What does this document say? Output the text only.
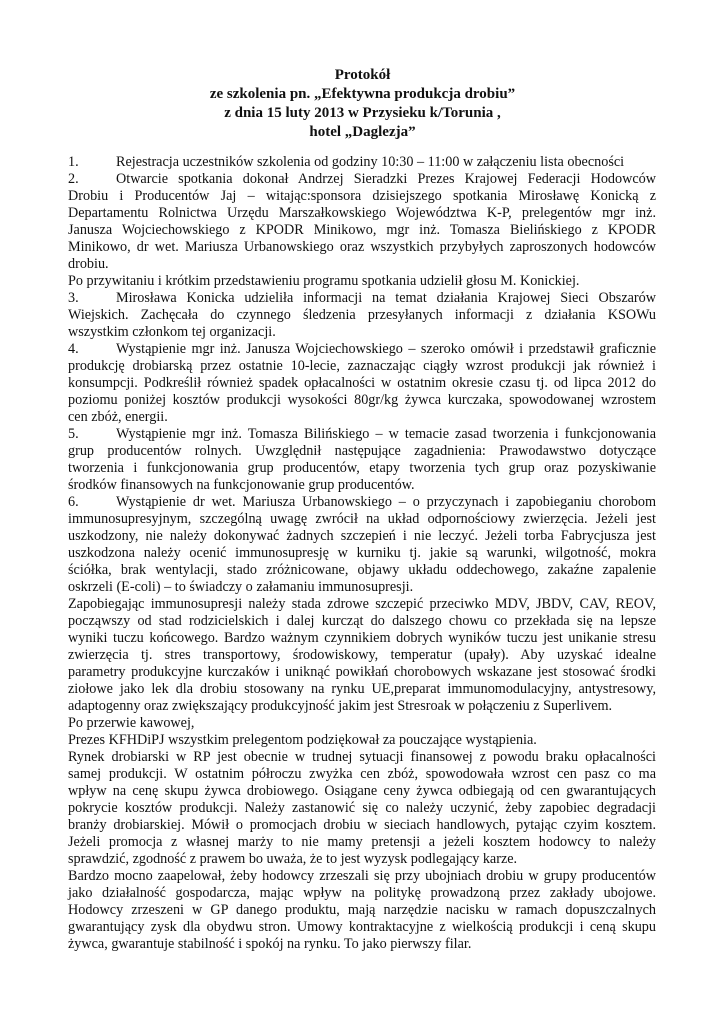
Protokół
ze szkolenia pn. „Efektywna produkcja drobiu”
z dnia 15 luty 2013 w Przysieku k/Torunia ,
hotel „Daglezja”
1.
2.
3.
4.
5.
6.
Rejestracja uczestników szkolenia od godziny 10:30 – 11:00 w załączeniu lista obecności
Otwarcie spotkania dokonał Andrzej Sieradzki Prezes Krajowej Federacji Hodowców
Drobiu i Producentów Jaj – witając:sponsora dzisiejszego spotkania Mirosławę Konicką z
Departamentu Rolnictwa Urzędu Marszałkowskiego Województwa K-P, prelegentów mgr inż.
Janusza Wojciechowskiego z KPODR Minikowo, mgr inż. Tomasza Bielińskiego z KPODR
Minikowo, dr wet. Mariusza Urbanowskiego oraz wszystkich przybyłych zaproszonych hodowców
drobiu.
Po przywitaniu i krótkim przedstawieniu programu spotkania udzielił głosu M. Konickiej.
Mirosława Konicka udzieliła informacji na temat działania Krajowej Sieci Obszarów
Wiejskich. Zachęcała do czynnego śledzenia przesyłanych informacji z działania KSOWu
wszystkim członkom tej organizacji.
Wystąpienie mgr inż. Janusza Wojciechowskiego – szeroko omówił i przedstawił graficznie
produkcję drobiarską przez ostatnie 10-lecie, zaznaczając ciągły wzrost produkcji jak również i
konsumpcji. Podkreślił również spadek opłacalności w ostatnim okresie czasu tj. od lipca 2012 do
poziomu poniżej kosztów produkcji wysokości 80gr/kg żywca kurczaka, spowodowanej wzrostem
cen zbóż, energii.
Wystąpienie mgr inż. Tomasza Bilińskiego – w temacie zasad tworzenia i funkcjonowania
grup producentów rolnych. Uwzględnił następujące zagadnienia: Prawodawstwo dotyczące
tworzenia i funkcjonowania grup producentów, etapy tworzenia tych grup oraz pozyskiwanie
środków finansowych na funkcjonowanie grup producentów.
Wystąpienie dr wet. Mariusza Urbanowskiego – o przyczynach i zapobieganiu chorobom
immunosupresyjnym, szczególną uwagę zwrócił na układ odpornościowy zwierzęcia. Jeżeli jest
uszkodzony, nie należy dokonywać żadnych szczepień i nie leczyć. Jeżeli torba Fabrycjusza jest
uszkodzona należy ocenić immunosupresję w kurniku tj. jakie są warunki, wilgotność, mokra
ściółka, brak wentylacji, stado zróżnicowane, objawy układu oddechowego, zakaźne zapalenie
oskrzeli (E-coli) – to świadczy o załamaniu immunosupresji.
Zapobiegając immunosupresji należy stada zdrowe szczepić przeciwko MDV, JBDV, CAV, REOV,
począwszy od stad rodzicielskich i dalej kurcząt do dalszego chowu co przekłada się na lepsze
wyniki tuczu końcowego. Bardzo ważnym czynnikiem dobrych wyników tuczu jest unikanie stresu
zwierzęcia tj. stres transportowy, środowiskowy, temperatur (upały). Aby uzyskać idealne
parametry produkcyjne kurczaków i uniknąć powikłań chorobowych wskazane jest stosować środki
ziołowe jako lek dla drobiu stosowany na rynku UE,preparat immunomodulacyjny, antystresowy,
adaptogenny oraz zwiększający produkcyjność jakim jest Stresroak w połączeniu z Superlivem.
Po przerwie kawowej,
Prezes KFHDiPJ wszystkim prelegentom podziękował za pouczające wystąpienia.
Rynek drobiarski w RP jest obecnie w trudnej sytuacji finansowej z powodu braku opłacalności
samej produkcji. W ostatnim półroczu zwyżka cen zbóż, spowodowała wzrost cen pasz co ma
wpływ na cenę skupu żywca drobiowego. Osiągane ceny żywca odbiegają od cen gwarantujących
pokrycie kosztów produkcji. Należy zastanowić się co należy uczynić, żeby zapobiec degradacji
branży drobiarskiej. Mówił o promocjach drobiu w sieciach handlowych, pytając czyim kosztem.
Jeżeli promocja z własnej marży to nie mamy pretensji a jeżeli kosztem hodowcy to należy
sprawdzić, zgodność z prawem bo uważa, że to jest wyzysk podlegający karze.
Bardzo mocno zaapelował, żeby hodowcy zrzeszali się przy ubojniach drobiu w grupy producentów
jako działalność gospodarcza, mając wpływ na politykę prowadzoną przez zakłady ubojowe.
Hodowcy zrzeszeni w GP danego produktu, mają narzędzie nacisku w ramach dopuszczalnych
gwarantujący zysk dla obydwu stron. Umowy kontraktacyjne z wielkością produkcji i ceną skupu
żywca, gwarantuje stabilność i spokój na rynku. To jako pierwszy filar.
